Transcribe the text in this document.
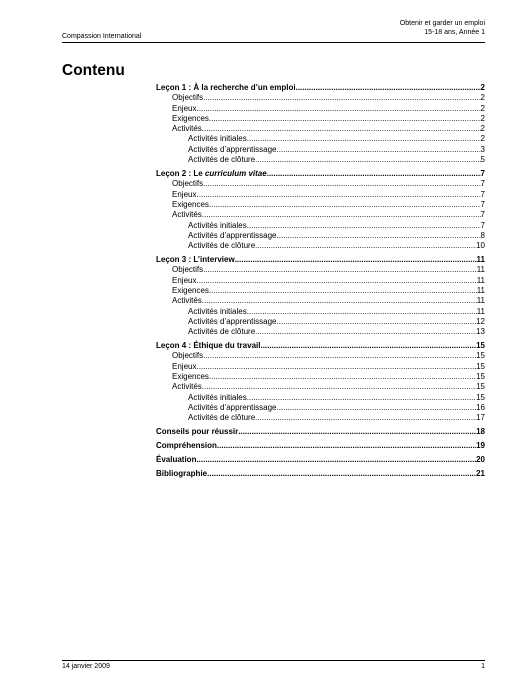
Compassion International
Obtenir et garder un emploi
15-18 ans, Année 1
Contenu
Leçon 1 : À la recherche d’un emploi .....	2
Objectifs .....	2
Enjeux .....	2
Exigences .....	2
Activités .....	2
Activités initiales .....	2
Activités d’apprentissage .....	3
Activités de clôture .....	5
Leçon 2 : Le curriculum vitae .....	7
Objectifs .....	7
Enjeux .....	7
Exigences .....	7
Activités .....	7
Activités initiales .....	7
Activités d’apprentissage .....	8
Activités de clôture .....	10
Leçon 3 : L’interview .....	11
Objectifs .....	11
Enjeux .....	11
Exigences .....	11
Activités .....	11
Activités initiales .....	11
Activités d’apprentissage .....	12
Activités de clôture .....	13
Leçon 4 : Éthique du travail .....	15
Objectifs .....	15
Enjeux .....	15
Exigences .....	15
Activités .....	15
Activités initiales .....	15
Activités d’apprentissage .....	16
Activités de clôture .....	17
Conseils pour réussir .....	18
Compréhension .....	19
Évaluation .....	20
Bibliographie .....	21
14 janvier 2009	1
